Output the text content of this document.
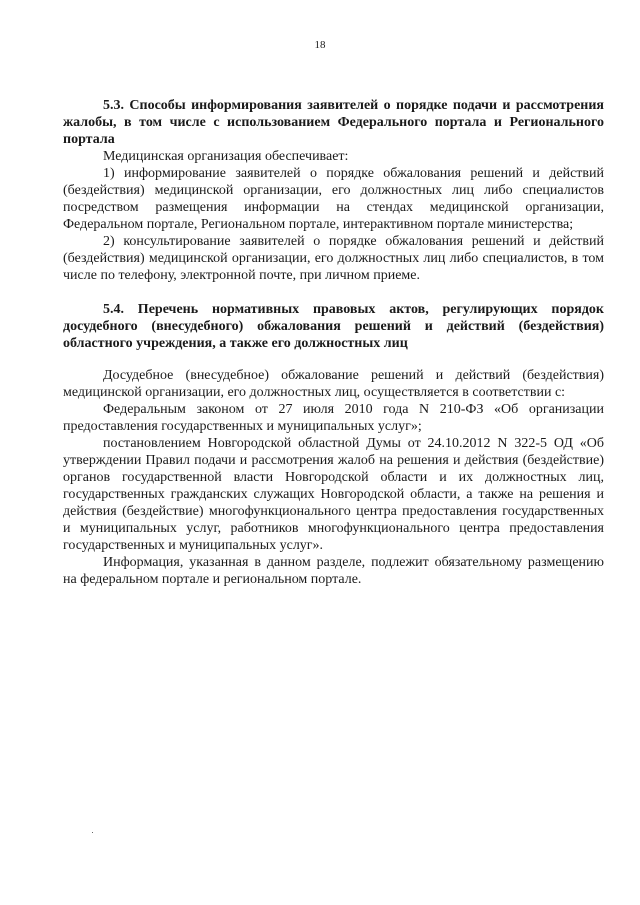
18

5.3. Способы информирования заявителей о порядке подачи и рассмотрения жалобы, в том числе с использованием Федерального портала и Регионального портала

Медицинская организация обеспечивает:

1) информирование заявителей о порядке обжалования решений и действий (бездействия) медицинской организации, его должностных лиц либо специалистов посредством размещения информации на стендах медицинской организации, Федеральном портале, Региональном портале, интерактивном портале министерства;

2) консультирование заявителей о порядке обжалования решений и действий (бездействия) медицинской организации, его должностных лиц либо специалистов, в том числе по телефону, электронной почте, при личном приеме.

5.4. Перечень нормативных правовых актов, регулирующих порядок досудебного (внесудебного) обжалования решений и действий (бездействия) областного учреждения, а также его должностных лиц

Досудебное (внесудебное) обжалование решений и действий (бездействия) медицинской организации, его должностных лиц, осуществляется в соответствии с:

Федеральным законом от 27 июля 2010 года N 210-ФЗ «Об организации предоставления государственных и муниципальных услуг»;

постановлением Новгородской областной Думы от 24.10.2012 N 322-5 ОД «Об утверждении Правил подачи и рассмотрения жалоб на решения и действия (бездействие) органов государственной власти Новгородской области и их должностных лиц, государственных гражданских служащих Новгородской области, а также на решения и действия (бездействие) многофункционального центра предоставления государственных и муниципальных услуг, работников многофункционального центра предоставления государственных и муниципальных услуг».

Информация, указанная в данном разделе, подлежит обязательному размещению на федеральном портале и региональном портале.
